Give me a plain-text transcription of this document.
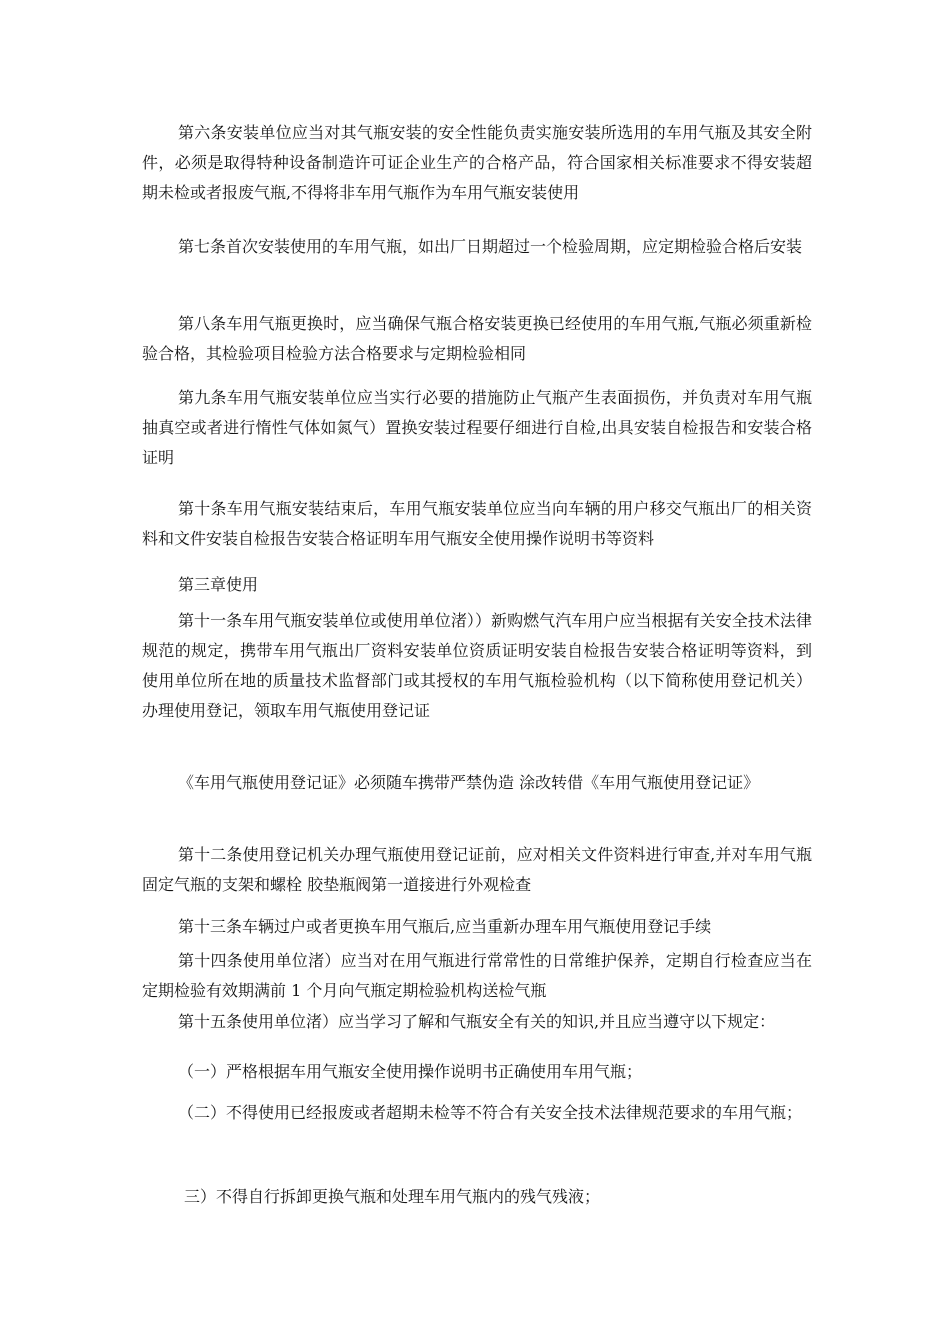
第六条安装单位应当对其气瓶安装的安全性能负责实施安装所选用的车用气瓶及其安全附件，必须是取得特种设备制造许可证企业生产的合格产品，符合国家相关标准要求不得安装超期未检或者报废气瓶,不得将非车用气瓶作为车用气瓶安装使用

第七条首次安装使用的车用气瓶，如出厂日期超过一个检验周期，应定期检验合格后安装

第八条车用气瓶更换时，应当确保气瓶合格安装更换已经使用的车用气瓶,气瓶必须重新检验合格，其检验项目检验方法合格要求与定期检验相同

第九条车用气瓶安装单位应当实行必要的措施防止气瓶产生表面损伤，并负责对车用气瓶抽真空或者进行惰性气体如氮气）置换安装过程要仔细进行自检,出具安装自检报告和安装合格证明

第十条车用气瓶安装结束后，车用气瓶安装单位应当向车辆的用户移交气瓶出厂的相关资料和文件安装自检报告安装合格证明车用气瓶安全使用操作说明书等资料

第三章使用

第十一条车用气瓶安装单位或使用单位渚））新购燃气汽车用户应当根据有关安全技术法律规范的规定，携带车用气瓶出厂资料安装单位资质证明安装自检报告安装合格证明等资料，到使用单位所在地的质量技术监督部门或其授权的车用气瓶检验机构（以下简称使用登记机关）办理使用登记，领取车用气瓶使用登记证

《车用气瓶使用登记证》必须随车携带严禁伪造 涂改转借《车用气瓶使用登记证》

第十二条使用登记机关办理气瓶使用登记证前，应对相关文件资料进行审查,并对车用气瓶固定气瓶的支架和螺栓 胶垫瓶阀第一道接进行外观检查

第十三条车辆过户或者更换车用气瓶后,应当重新办理车用气瓶使用登记手续

第十四条使用单位渚）应当对在用气瓶进行常常性的日常维护保养，定期自行检查应当在定期检验有效期满前 1 个月向气瓶定期检验机构送检气瓶

第十五条使用单位渚）应当学习了解和气瓶安全有关的知识,并且应当遵守以下规定：

（一）严格根据车用气瓶安全使用操作说明书正确使用车用气瓶；

（二）不得使用已经报废或者超期未检等不符合有关安全技术法律规范要求的车用气瓶；

三）不得自行拆卸更换气瓶和处理车用气瓶内的残气残液；
